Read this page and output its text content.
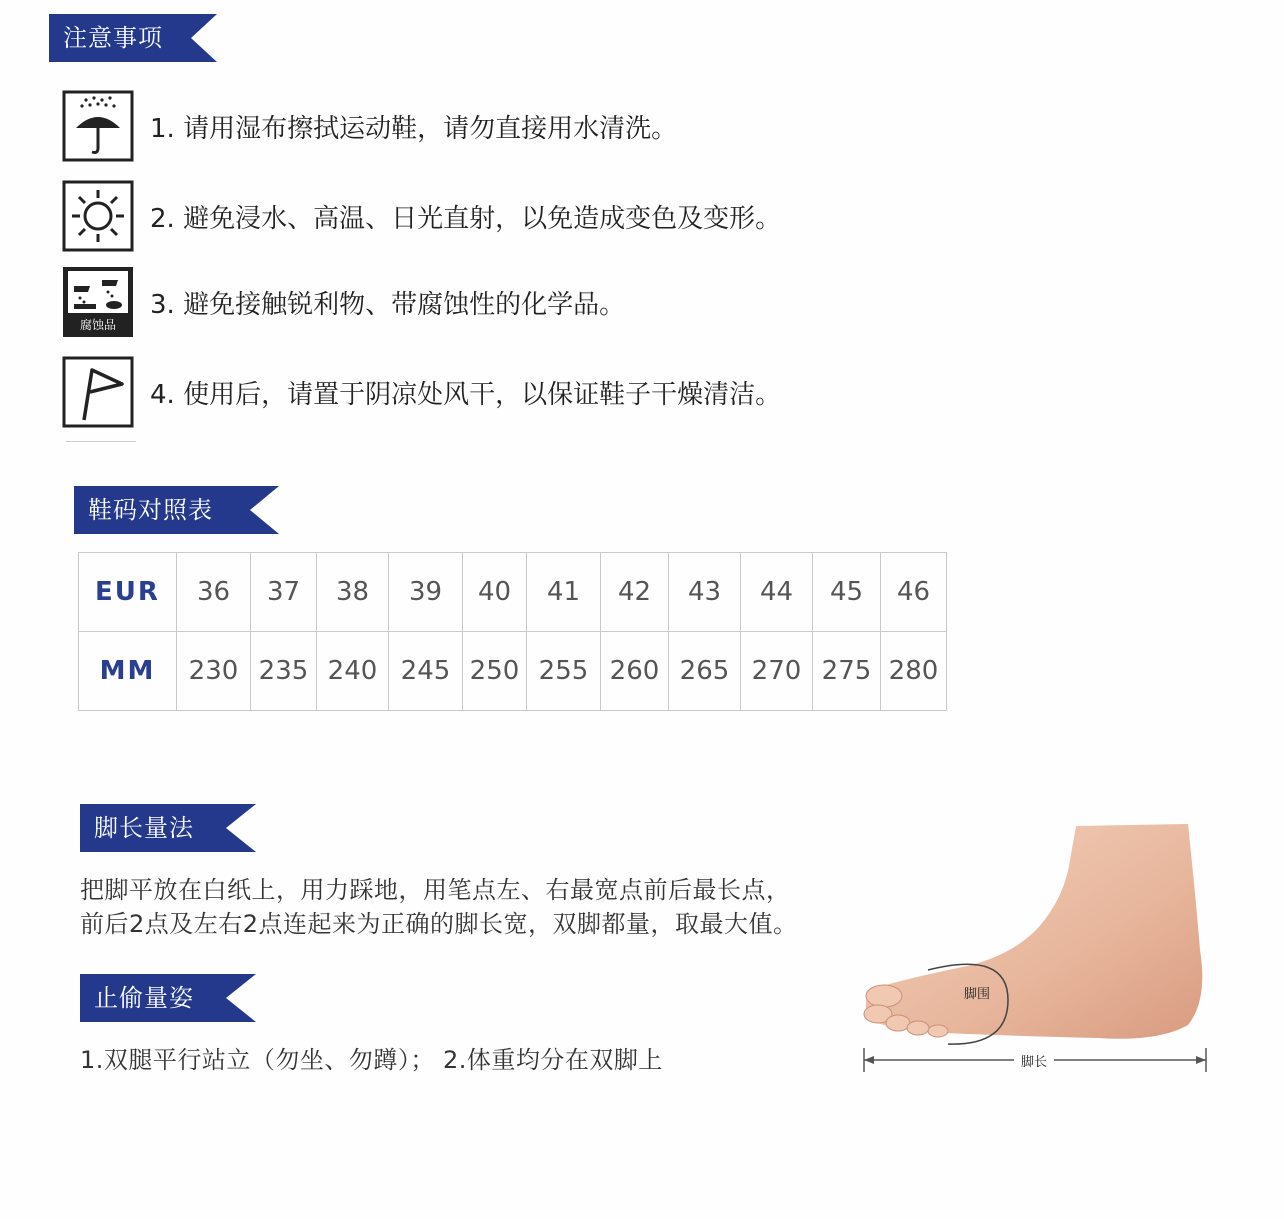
注意事项
1. 请用湿布擦拭运动鞋，请勿直接用水清洗。
2. 避免浸水、高温、日光直射，以免造成变色及变形。
腐蚀品
3. 避免接触锐利物、带腐蚀性的化学品。
4. 使用后，请置于阴凉处风干，以保证鞋子干燥清洁。
鞋码对照表
EUR	36	37	38	39	40	41	42	43	44	45	46
MM	230	235	240	245	250	255	260	265	270	275	280
脚长量法
把脚平放在白纸上，用力踩地，用笔点左、右最宽点前后最长点，
前后2点及左右2点连起来为正确的脚长宽，双脚都量，取最大值。
止偷量姿
1.双腿平行站立（勿坐、勿蹲）； 2.体重均分在双脚上
脚围
脚长
